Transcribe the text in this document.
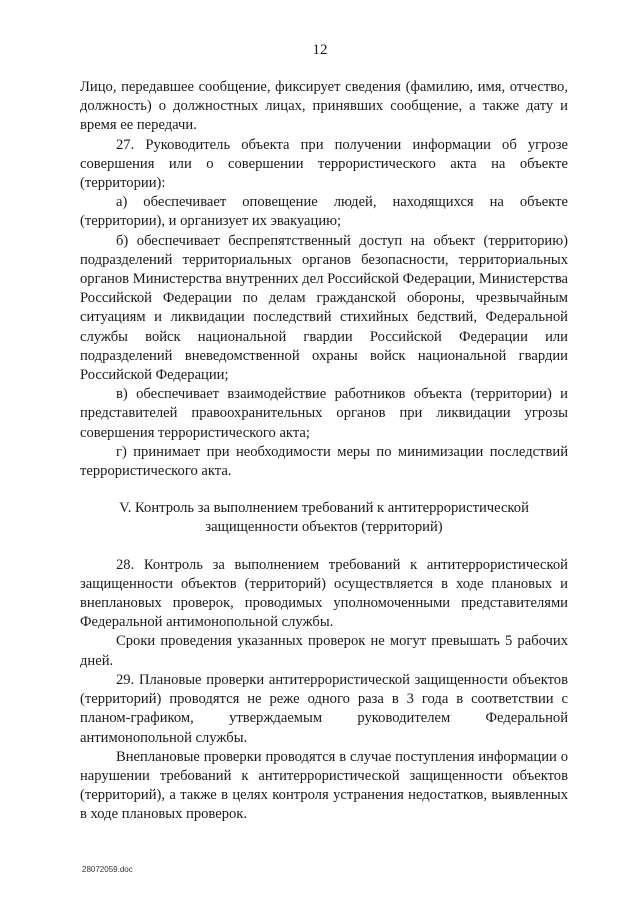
12

Лицо, передавшее сообщение, фиксирует сведения (фамилию, имя, отчество, должность) о должностных лицах, принявших сообщение, а также дату и время ее передачи.

27. Руководитель объекта при получении информации об угрозе совершения или о совершении террористического акта на объекте (территории):

а) обеспечивает оповещение людей, находящихся на объекте (территории), и организует их эвакуацию;

б) обеспечивает беспрепятственный доступ на объект (территорию) подразделений территориальных органов безопасности, территориальных органов Министерства внутренних дел Российской Федерации, Министерства Российской Федерации по делам гражданской обороны, чрезвычайным ситуациям и ликвидации последствий стихийных бедствий, Федеральной службы войск национальной гвардии Российской Федерации или подразделений вневедомственной охраны войск национальной гвардии Российской Федерации;

в) обеспечивает взаимодействие работников объекта (территории) и представителей правоохранительных органов при ликвидации угрозы совершения террористического акта;

г) принимает при необходимости меры по минимизации последствий террористического акта.

V. Контроль за выполнением требований к антитеррористической
защищенности объектов (территорий)

28. Контроль за выполнением требований к антитеррористической защищенности объектов (территорий) осуществляется в ходе плановых и внеплановых проверок, проводимых уполномоченными представителями Федеральной антимонопольной службы.

Сроки проведения указанных проверок не могут превышать 5 рабочих дней.

29. Плановые проверки антитеррористической защищенности объектов (территорий) проводятся не реже одного раза в 3 года в соответствии с планом-графиком, утверждаемым руководителем Федеральной антимонопольной службы.

Внеплановые проверки проводятся в случае поступления информации о нарушении требований к антитеррористической защищенности объектов (территорий), а также в целях контроля устранения недостатков, выявленных в ходе плановых проверок.

28072059.doc
